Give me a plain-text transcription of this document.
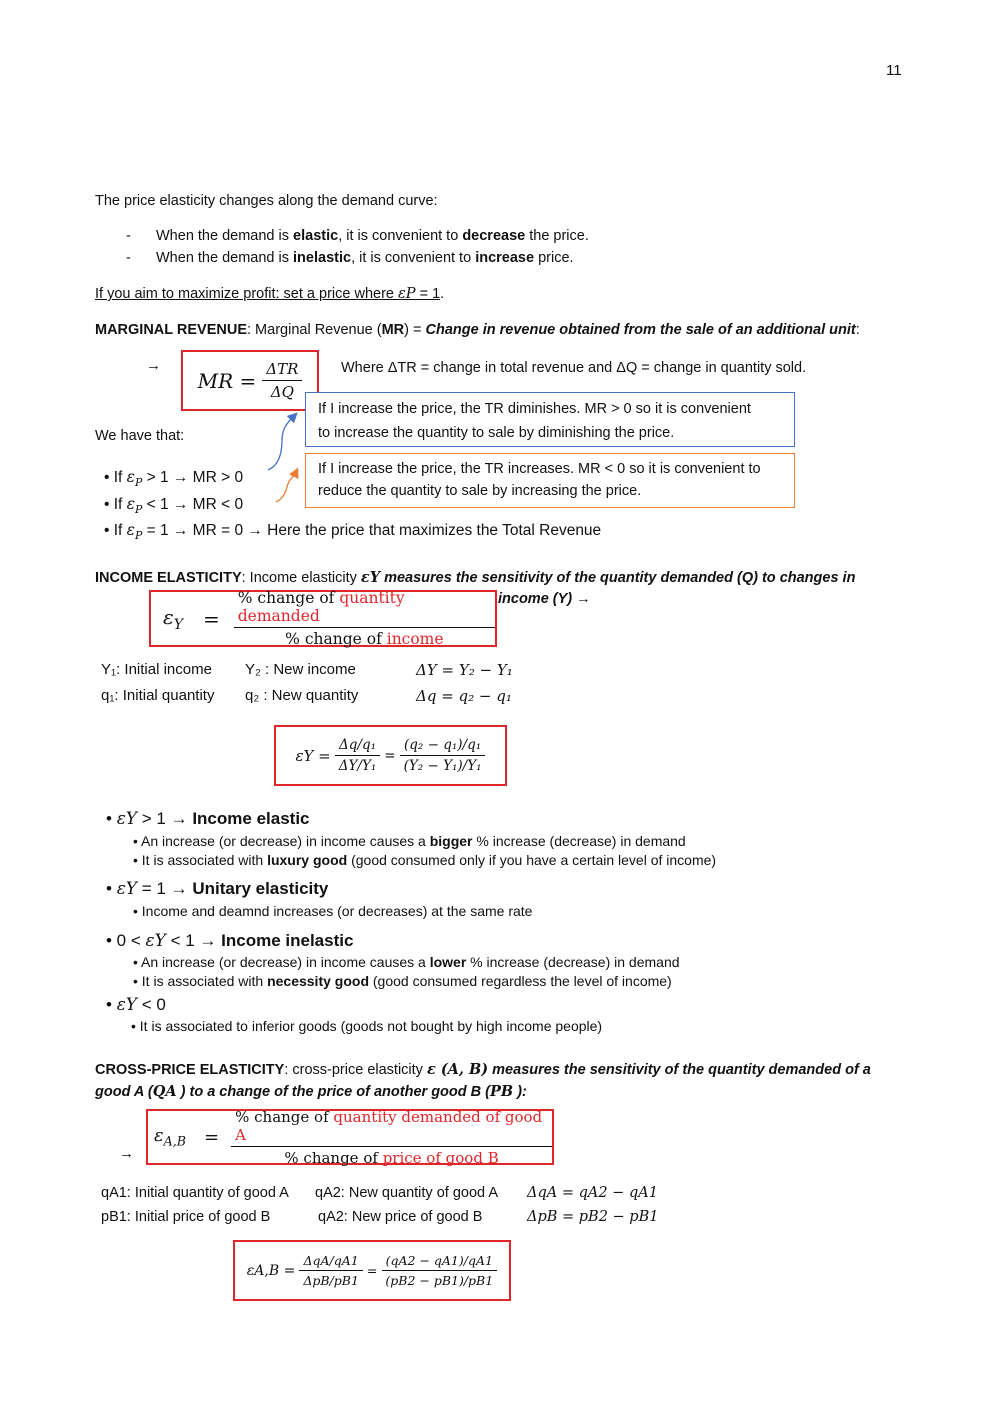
11
The price elasticity changes along the demand curve:
- When the demand is elastic, it is convenient to decrease the price.
- When the demand is inelastic, it is convenient to increase price.
If you aim to maximize profit: set a price where εP = 1.
MARGINAL REVENUE: Marginal Revenue (MR) = Change in revenue obtained from the sale of an additional unit:
→
MR = $\frac{\text{ΔTR}}{\Delta Q}$	Where ΔTR = change in total revenue and ΔQ = change in quantity sold.
We have that:
If I increase the price, the TR diminishes. MR > 0 so it is convenient
to increase the quantity to sale by diminishing the price.
If I increase the price, the TR increases. MR < 0 so it is convenient to
reduce the quantity to sale by increasing the price.
• If $\varepsilon_P > 1$ → MR > 0
• If $\varepsilon_P < 1$ → MR < 0
• If $\varepsilon_P = 1$ → MR = 0 → Here the price that maximizes the Total Revenue
INCOME ELASTICITY: Income elasticity εY measures the sensitivity of the quantity demanded (Q) to changes in
income (Y) →
$\varepsilon_Y = \frac{\text{\% change of quantity demanded}}{\text{\% change of income}}$
Y₁: Initial income Y₂ : New income	ΔY = Y₂ − Y₁
q₁: Initial quantity q₂ : New quantity	Δq = q₂ − q₁
$\varepsilon Y = \frac{\text{Δq/q₁}}{\text{ΔY/Y₁}} = \frac{\text{(q₂ − q₁)/q₁}}{\text{(Y₂ − Y₁)/Y₁}}$
• εY > 1 → Income elastic
• An increase (or decrease) in income causes a bigger % increase (decrease) in demand
• It is associated with luxury good (good consumed only if you have a certain level of income)
• εY = 1 → Unitary elasticity
• Income and deamnd increases (or decreases) at the same rate
• 0 < εY < 1 → Income inelastic
• An increase (or decrease) in income causes a lower % increase (decrease) in demand
• It is associated with necessity good (good consumed regardless the level of income)
• εY < 0
• It is associated to inferior goods (goods not bought by high income people)
CROSS-PRICE ELASTICITY: cross-price elasticity ε (A, B) measures the sensitivity of the quantity demanded of a
good A (QA ) to a change of the price of another good B (PB ):
→
$\varepsilon_{A,B} = \frac{\text{\% change of quantity demanded of good A}}{\text{\% change of price of good B}}$
qA1: Initial quantity of good A qA2: New quantity of good A ΔqA = qA2 − qA1
pB1: Initial price of good B	qA2: New price of good B	ΔpB = pB2 − pB1
$\varepsilon A,B = \frac{\text{ΔqA/qA1}}{\text{ΔpB/pB1}} = \frac{(qA2 - qA1)/qA1}{(pB2 - pB1)/pB1}$
